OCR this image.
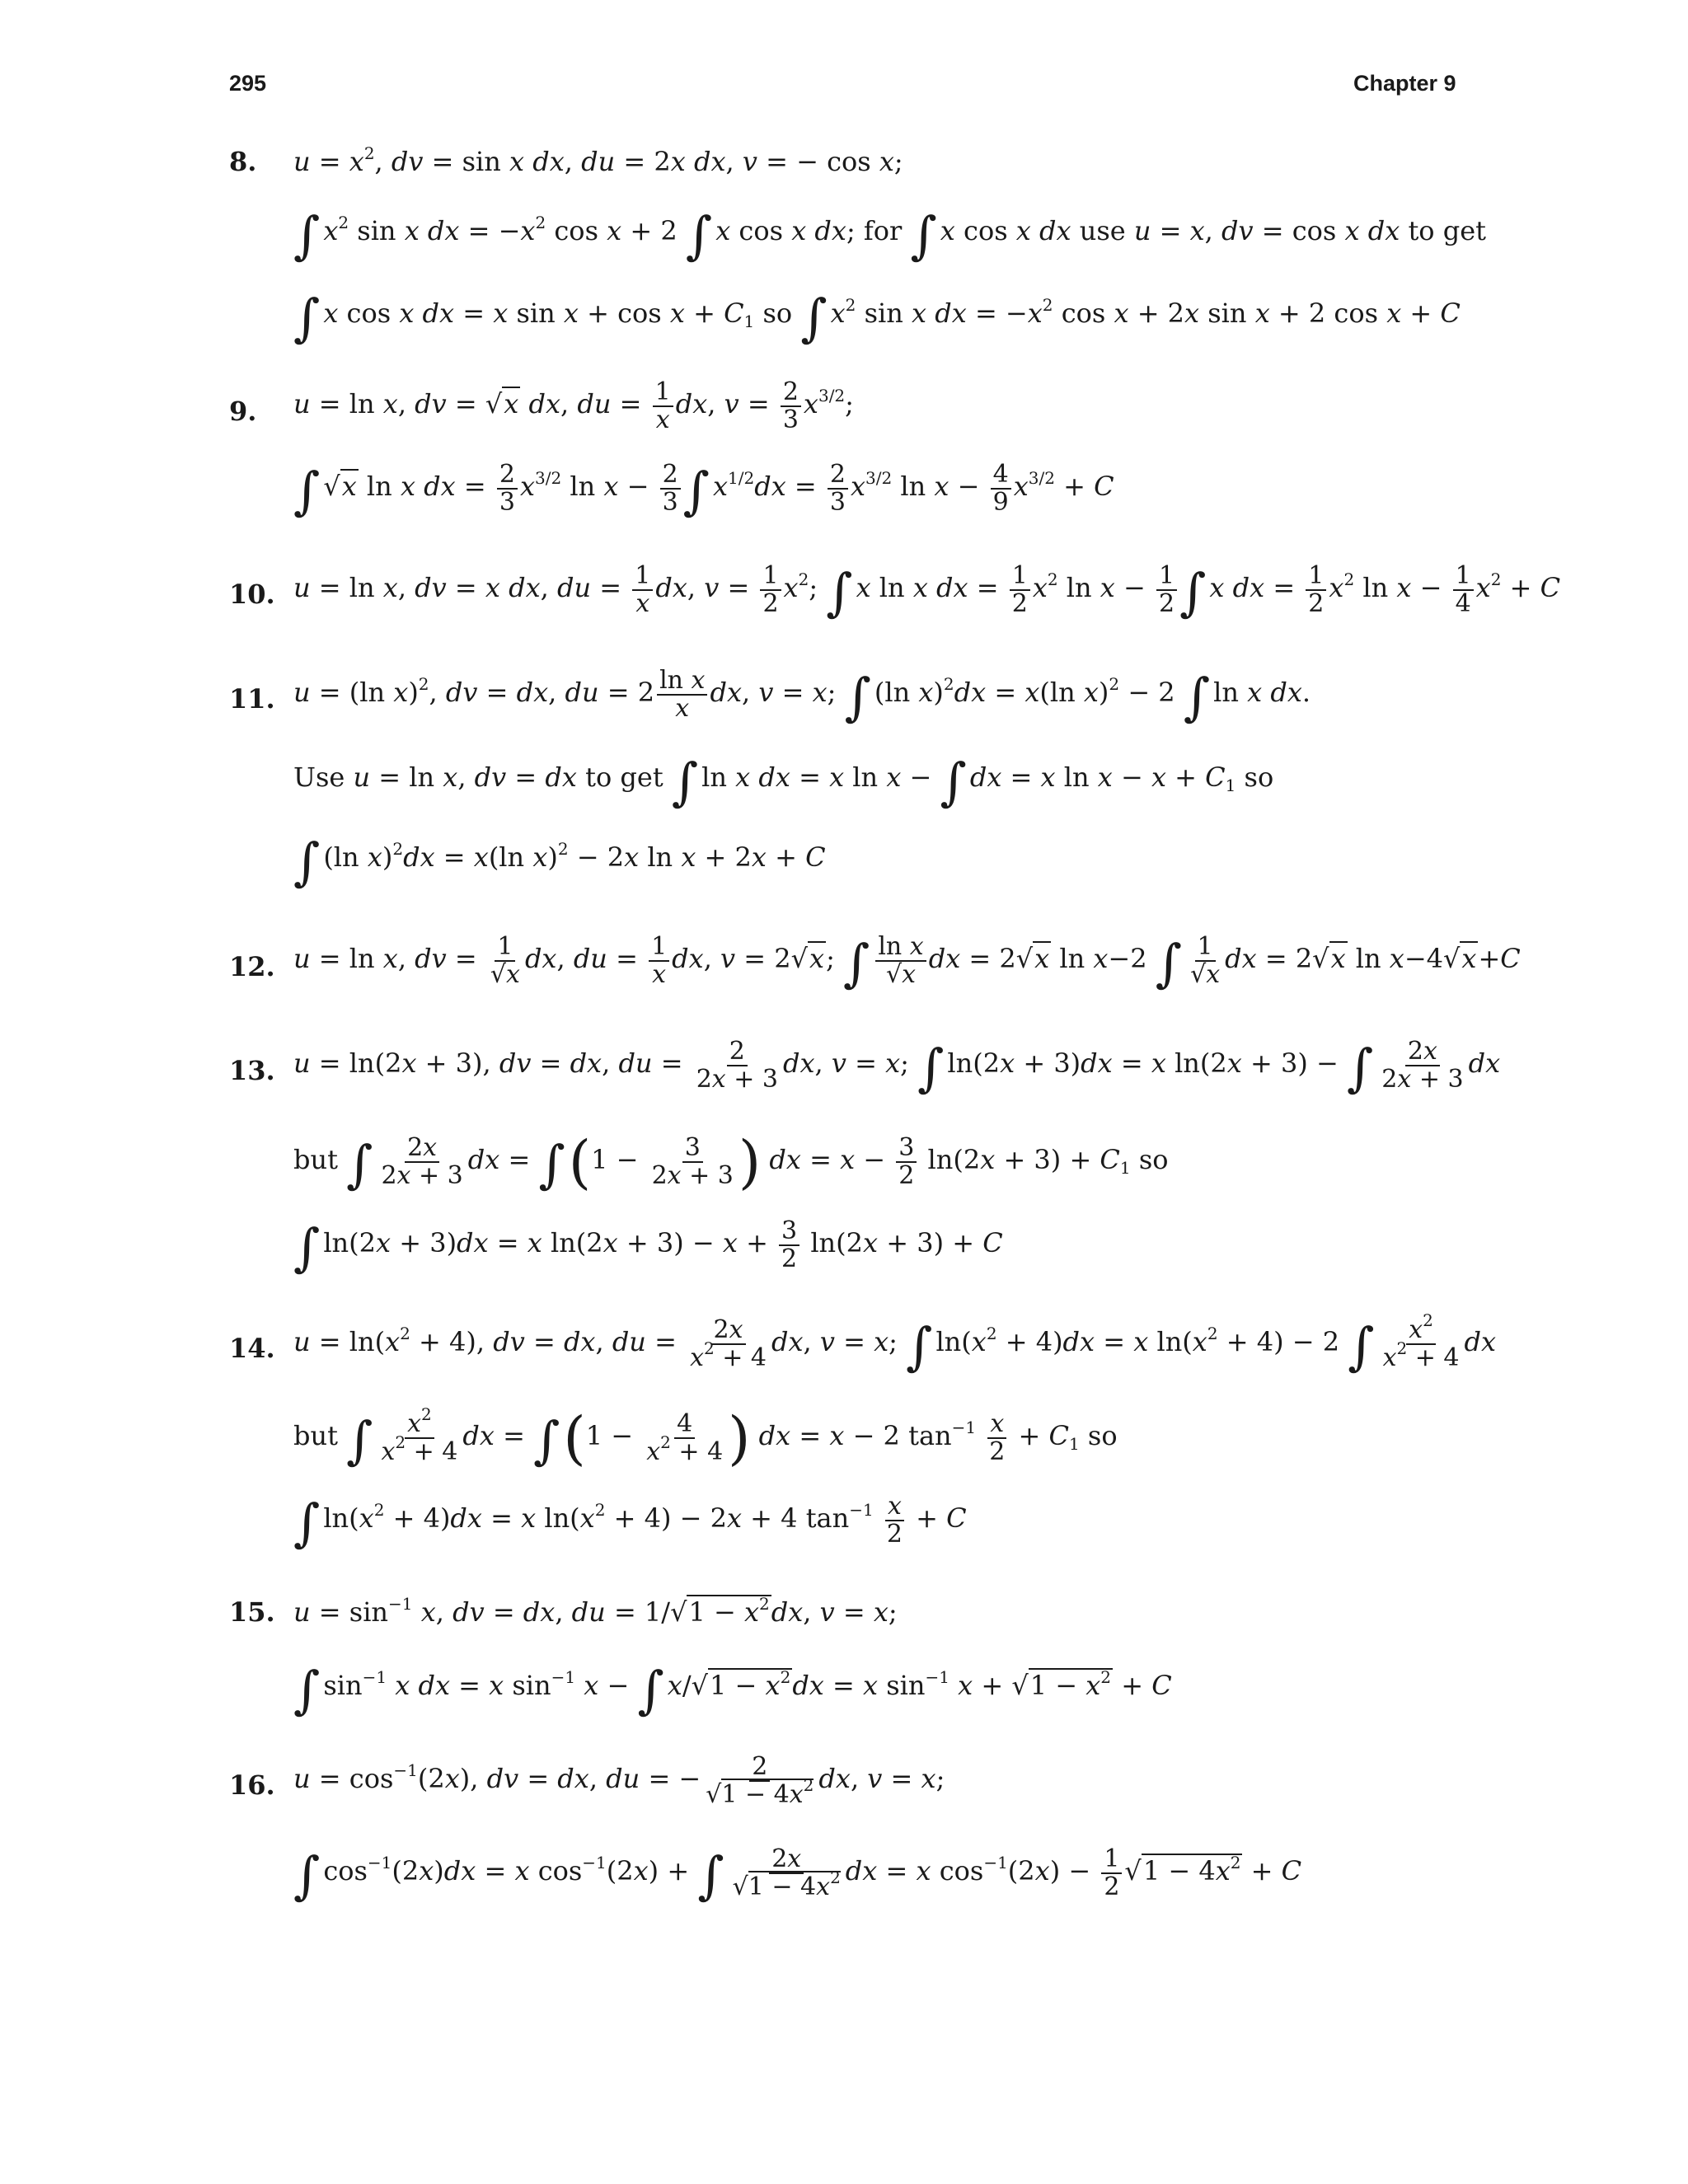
295	Chapter 9
8. $u = x^2$, dv = sin x dx, du = 2x dx, v = − cos x;
∫ $x^2$ sin x dx = $-x^2$ cos x + 2 ∫ x cos x dx; for ∫ x cos x dx use u = x, dv = cos x dx to get
∫ x cos x dx = x $\sin x + \cos x + C_1$ so ∫ $x^2$ sin x dx = $-x^2$ cos x + 2x sin x + 2 cos x + C
9. u = ln x, dv = √x dx, du = $\frac{1}{x}$ dx, $v = \frac{2}{3} x^{3/2}$;
∫ √x ln x dx = $\frac{2}{3} x^{3/2}$ $\ln x - \frac{2}{3}$ ∫ $x^{1/2}dx = \frac{2}{3} x^{3/2}$ $\ln x - \frac{4}{9} x^{3/2} + C$
10. u = ln x, dv = x dx, du = $\frac{1}{x}$ dx, $v = \frac{1}{2} x^2$; ∫ x ln x dx = $\frac{1}{2} x^2$ $\ln x - \frac{1}{2}$ ∫ x dx = $\frac{1}{2} x^2$ $\ln x - \frac{1}{4} x^2 + C$
11. u = (ln x)$^2$, dv = dx, du = $2 \frac{\text{ln x}}{x}$ dx, v = x; ∫ (ln x)$^2$dx = x(ln x)$^2$ − 2 ∫ ln x dx.
Use u = ln x, dv = dx to get ∫ ln x dx = x ln x − ∫ dx = x $\ln x - x + C_1$ so
∫ (ln x)$^2$dx = x(ln x)$^2$ − 2x ln x + 2x + C
12. u = ln x, dv = $\frac{1}{√x}$ dx, du = $\frac{1}{x}$ dx, v = 2√x; ∫ $\frac{\text{ln x}}{√x}$ dx = 2√x ln x−2 ∫ $\frac{1}{√x}$ dx = 2√x ln x−4√x+C
13. u = ln(2x + 3), dv = dx, du = $\frac{2}{2x + 3}$ dx, v = x; ∫ ln(2x + 3)dx = x ln(2x + 3) − ∫ $\frac{2x}{2x + 3}$ dx
but ∫ $\frac{2x}{2x + 3}$ dx = $\int(1 - \frac{3}{2x + 3}$ ) dx = $x - \frac{3}{2} \ln(2x + 3) + C_1$ so
∫ ln(2x + 3)dx = x $\ln(2x + 3) - x + \frac{3}{2} \ln(2x + 3) + C$
14. $u = \ln(x^2 + 4)$, dv = dx, du = $\frac{2x}{x^2 + 4}$ dx, v = x; ∫ $\ln(x^2 + 4)dx = x$ $\ln(x^2 + 4) - 2$ ∫ $\frac{x^2}{x^2 + 4}$ dx
but ∫ $\frac{x^2}{x^2 + 4}$ dx = $\int(1 - \frac{4}{x^2 + 4}$ ) dx = x − 2 $\tan^{-1} \frac{x}{2} + C_1$ so
∫ $\ln(x^2 + 4)dx = x$ $\ln(x^2 + 4) - 2x + 4$ $\tan^{-1} \frac{x}{2} + C$
15. $u = \sin^{-1} x$, dv = dx, du = $1/√1 - x^2dx$, v = x;
∫ $\sin^{-1} x$ dx = x $\sin^{-1} x$ − ∫ $x/√1 - x^2dx = x$ $\sin^{-1} x + √1 - x^2 + C$
16. $u = \cos^{-1}(2x)$, dv = dx, du = − $\frac{2}{√1 - 4x^2}$ dx, v = x;
∫ $\cos^{-1}(2x)dx = x$ $\cos^{-1}(2x)$ + ∫ $\frac{2x}{√1 - 4x^2}$ dx = x $\cos^{-1}(2x) - \frac{1}{2} √1 - 4x^2 + C$
